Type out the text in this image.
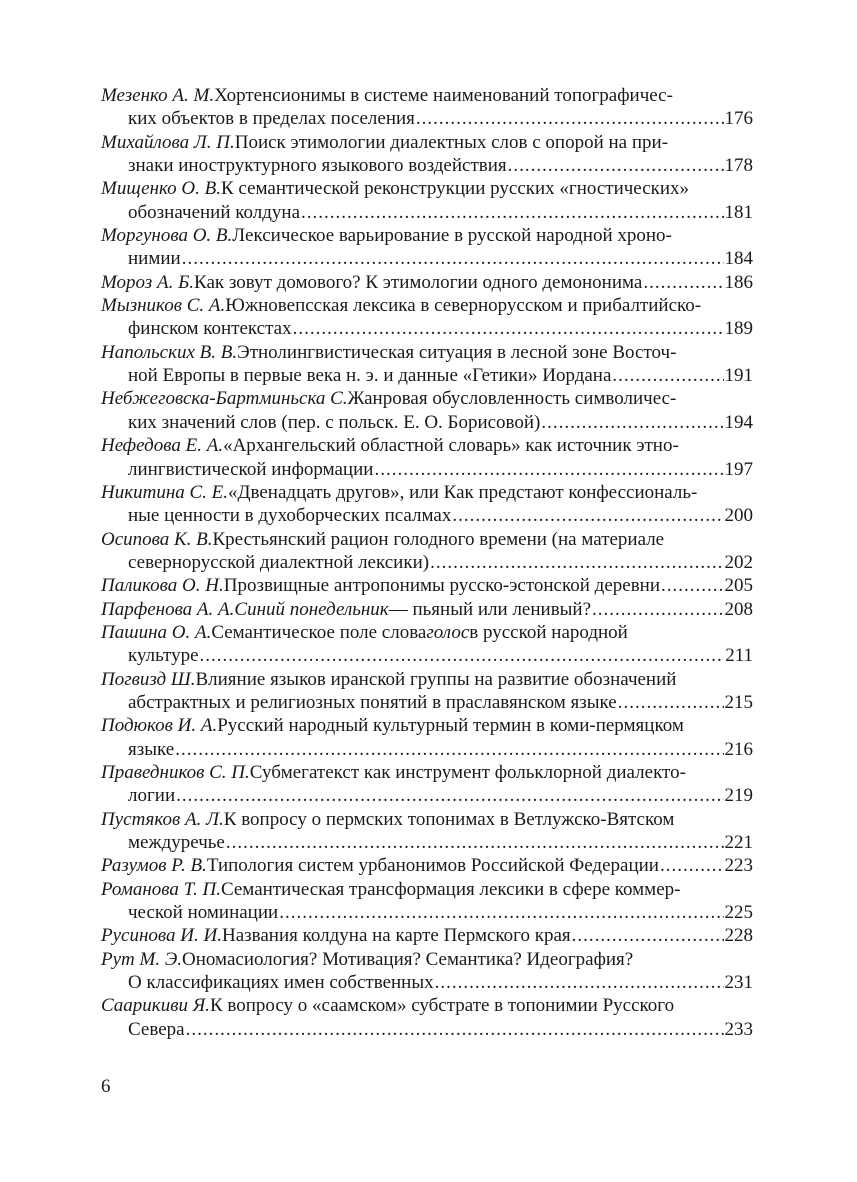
Мезенко А. М. Хортенсионимы в системе наименований топографичес-
ких объектов в пределах поселения .....	176
Михайлова Л. П. Поиск этимологии диалектных слов с опорой на при-
знаки иноструктурного языкового воздействия .....	178
Мищенко О. В. К семантической реконструкции русских «гностических»
обозначений колдуна .....	181
Моргунова О. В. Лексическое варьирование в русской народной хроно-
нимии .....	184
Мороз А. Б. Как зовут домового? К этимологии одного демононима .....	186
Мызников С. А. Южновепсская лексика в севернорусском и прибалтийско-
финском контекстах .....	189
Напольских В. В. Этнолингвистическая ситуация в лесной зоне Восточ-
ной Европы в первые века н. э. и данные «Гетики» Иордана .....	191
Небжеговска-Бартминьска С. Жанровая обусловленность символичес-
ких значений слов (пер. с польск. Е. О. Борисовой) .....	194
Нефедова Е. А. «Архангельский областной словарь» как источник этно-
лингвистической информации .....	197
Никитина С. Е. «Двенадцать другов», или Как предстают конфессиональ-
ные ценности в духоборческих псалмах .....	200
Осипова К. В. Крестьянский рацион голодного времени (на материале
севернорусской диалектной лексики) .....	202
Паликова О. Н. Прозвищные антропонимы русско-эстонской деревни .....	205
Парфенова А. А. Синий понедельник — пьяный или ленивый? .....	208
Пашина О. А. Семантическое поле слова голос в русской народной
культуре .....	211
Погвизд Ш. Влияние языков иранской группы на развитие обозначений
абстрактных и религиозных понятий в праславянском языке .....	215
Подюков И. А. Русский народный культурный термин в коми-пермяцком
языке .....	216
Праведников С. П. Субмегатекст как инструмент фольклорной диалекто-
логии .....	219
Пустяков А. Л. К вопросу о пермских топонимах в Ветлужско-Вятском
междуречье .....	221
Разумов Р. В. Типология систем урбанонимов Российской Федерации .....	223
Романова Т. П. Семантическая трансформация лексики в сфере коммер-
ческой номинации .....	225
Русинова И. И. Названия колдуна на карте Пермского края .....	228
Рут М. Э. Ономасиология? Мотивация? Семантика? Идеография?
О классификациях имен собственных .....	231
Саарикиви Я. К вопросу о «саамском» субстрате в топонимии Русского
Севера .....	233
6
